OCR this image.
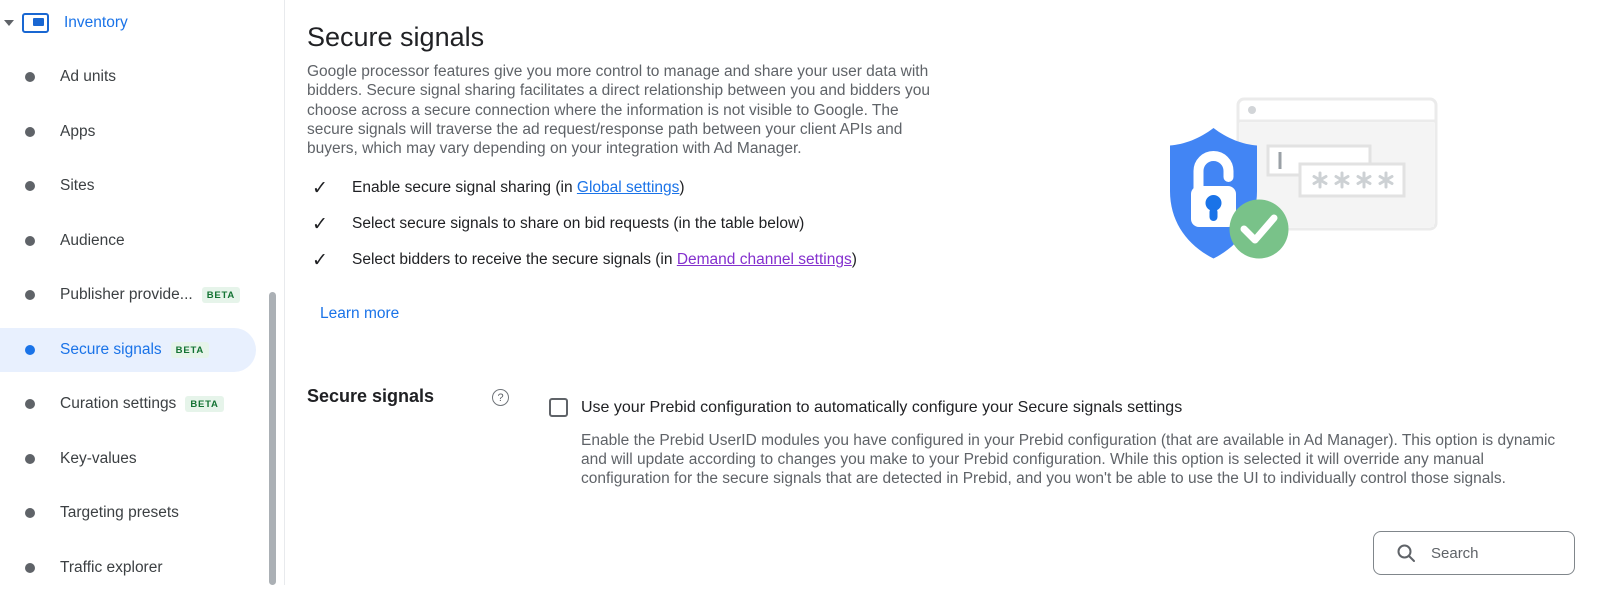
Inventory
Ad units
Apps
Sites
Audience
Publisher provide...	BETA
Secure signals	BETA
Curation settings	BETA
Key-values
Targeting presets
Traffic explorer
Secure signals

Google processor features give you more control to manage and share your user data with bidders. Secure signal sharing facilitates a direct relationship between you and bidders you choose across a secure connection where the information is not visible to Google. The secure signals will traverse the ad request/response path between your client APIs and buyers, which may vary depending on your integration with Ad Manager.

✓	Enable secure signal sharing (in Global settings)
✓	Select secure signals to share on bid requests (in the table below)
✓	Select bidders to receive the secure signals (in Demand channel settings)
Learn more
Secure signals	?
Use your Prebid configuration to automatically configure your Secure signals settings

Enable the Prebid UserID modules you have configured in your Prebid configuration (that are available in Ad Manager). This option is dynamic and will update according to changes you make to your Prebid configuration. While this option is selected it will override any manual configuration for the secure signals that are detected in Prebid, and you won't be able to use the UI to individually control those signals.

Search
